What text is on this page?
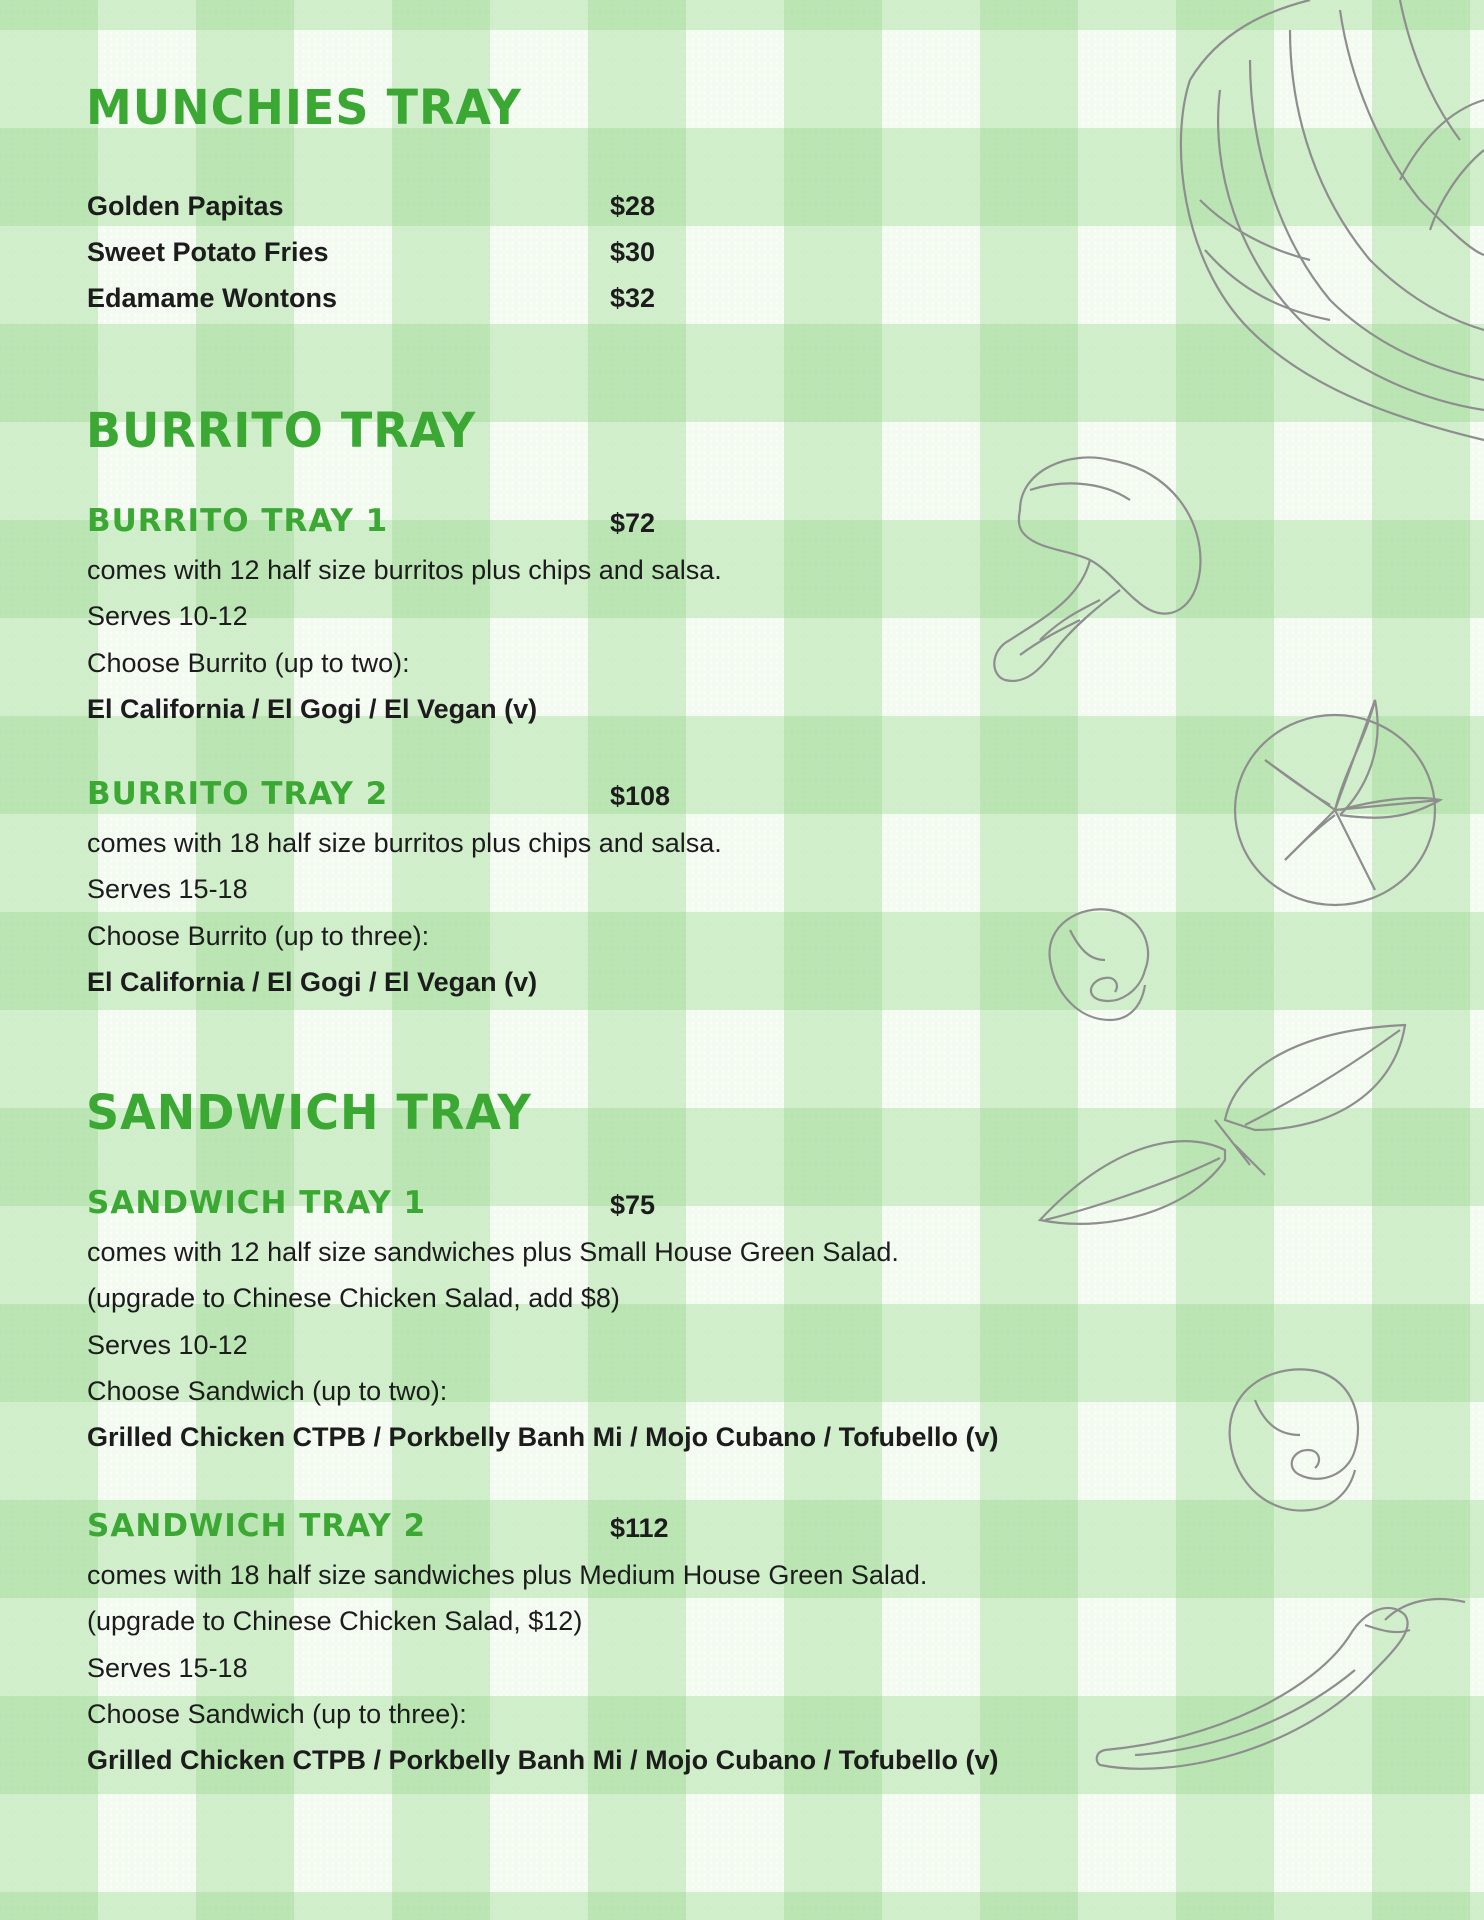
MUNCHIES TRAY
Golden Papitas	$28
Sweet Potato Fries	$30
Edamame Wontons	$32
BURRITO TRAY
BURRITO TRAY 1	$72
comes with 12 half size burritos plus chips and salsa.
Serves 10-12
Choose Burrito (up to two):
El California / El Gogi / El Vegan (v)
BURRITO TRAY 2	$108
comes with 18 half size burritos plus chips and salsa.
Serves 15-18
Choose Burrito (up to three):
El California / El Gogi / El Vegan (v)
SANDWICH TRAY
SANDWICH TRAY 1	$75
comes with 12 half size sandwiches plus Small House Green Salad.
(upgrade to Chinese Chicken Salad, add $8)
Serves 10-12
Choose Sandwich (up to two):
Grilled Chicken CTPB / Porkbelly Banh Mi / Mojo Cubano / Tofubello (v)
SANDWICH TRAY 2	$112
comes with 18 half size sandwiches plus Medium House Green Salad.
(upgrade to Chinese Chicken Salad, $12)
Serves 15-18
Choose Sandwich (up to three):
Grilled Chicken CTPB / Porkbelly Banh Mi / Mojo Cubano / Tofubello (v)
